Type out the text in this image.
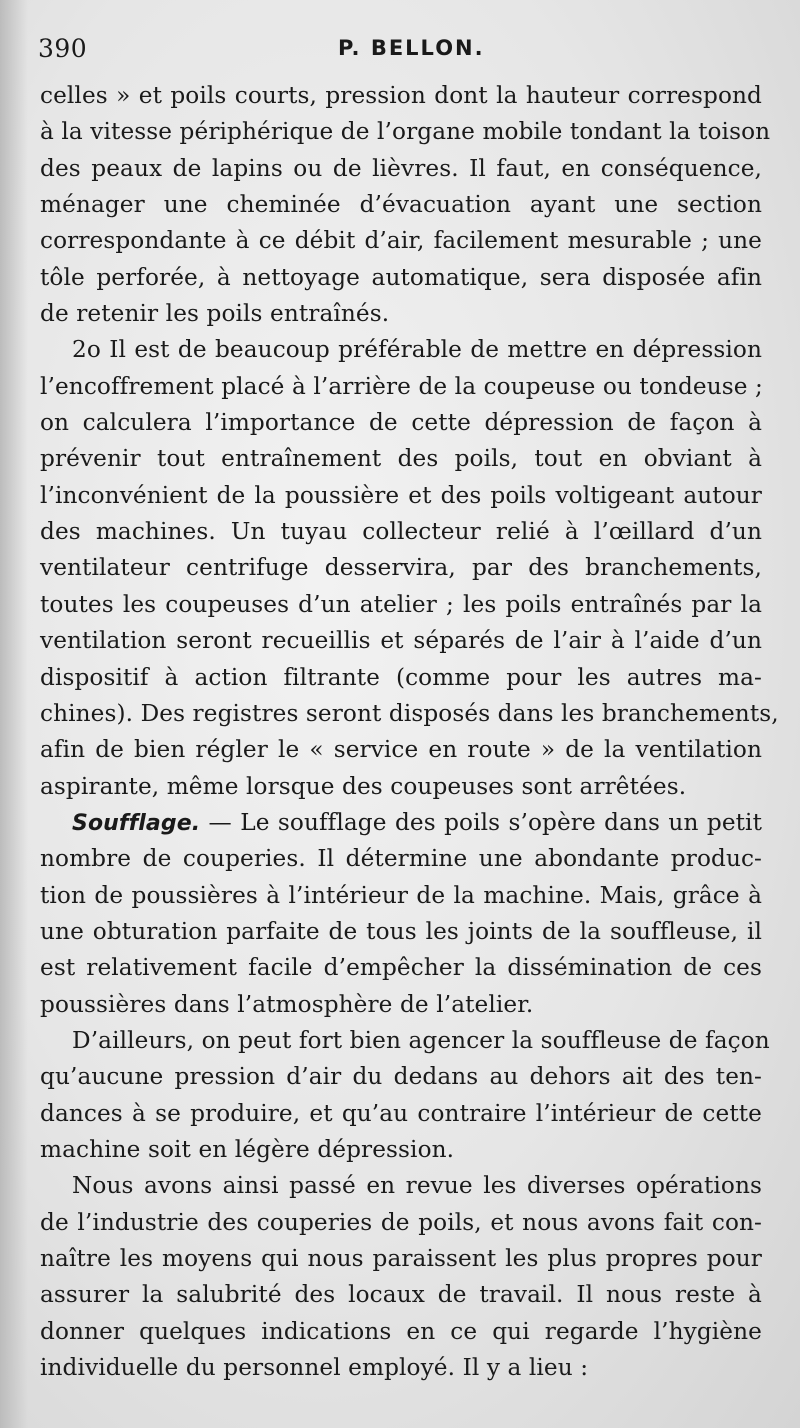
390	P. BELLON.
celles » et poils courts, pression dont la hauteur correspond
à la vitesse périphérique de l’organe mobile tondant la toison
des peaux de lapins ou de lièvres. Il faut, en conséquence,
ménager une cheminée d’évacuation ayant une section
correspondante à ce débit d’air, facilement mesurable ; une
tôle perforée, à nettoyage automatique, sera disposée afin
de retenir les poils entraînés.
2o Il est de beaucoup préférable de mettre en dépression
l’encoffrement placé à l’arrière de la coupeuse ou tondeuse ;
on calculera l’importance de cette dépression de façon à
prévenir tout entraînement des poils, tout en obviant à
l’inconvénient de la poussière et des poils voltigeant autour
des machines. Un tuyau collecteur relié à l’œillard d’un
ventilateur centrifuge desservira, par des branchements,
toutes les coupeuses d’un atelier ; les poils entraînés par la
ventilation seront recueillis et séparés de l’air à l’aide d’un
dispositif à action filtrante (comme pour les autres ma-
chines). Des registres seront disposés dans les branchements,
afin de bien régler le « service en route » de la ventilation
aspirante, même lorsque des coupeuses sont arrêtées.
Soufflage. — Le soufflage des poils s’opère dans un petit
nombre de couperies. Il détermine une abondante produc-
tion de poussières à l’intérieur de la machine. Mais, grâce à
une obturation parfaite de tous les joints de la souffleuse, il
est relativement facile d’empêcher la dissémination de ces
poussières dans l’atmosphère de l’atelier.
D’ailleurs, on peut fort bien agencer la souffleuse de façon
qu’aucune pression d’air du dedans au dehors ait des ten-
dances à se produire, et qu’au contraire l’intérieur de cette
machine soit en légère dépression.
Nous avons ainsi passé en revue les diverses opérations
de l’industrie des couperies de poils, et nous avons fait con-
naître les moyens qui nous paraissent les plus propres pour
assurer la salubrité des locaux de travail. Il nous reste à
donner quelques indications en ce qui regarde l’hygiène
individuelle du personnel employé. Il y a lieu :
